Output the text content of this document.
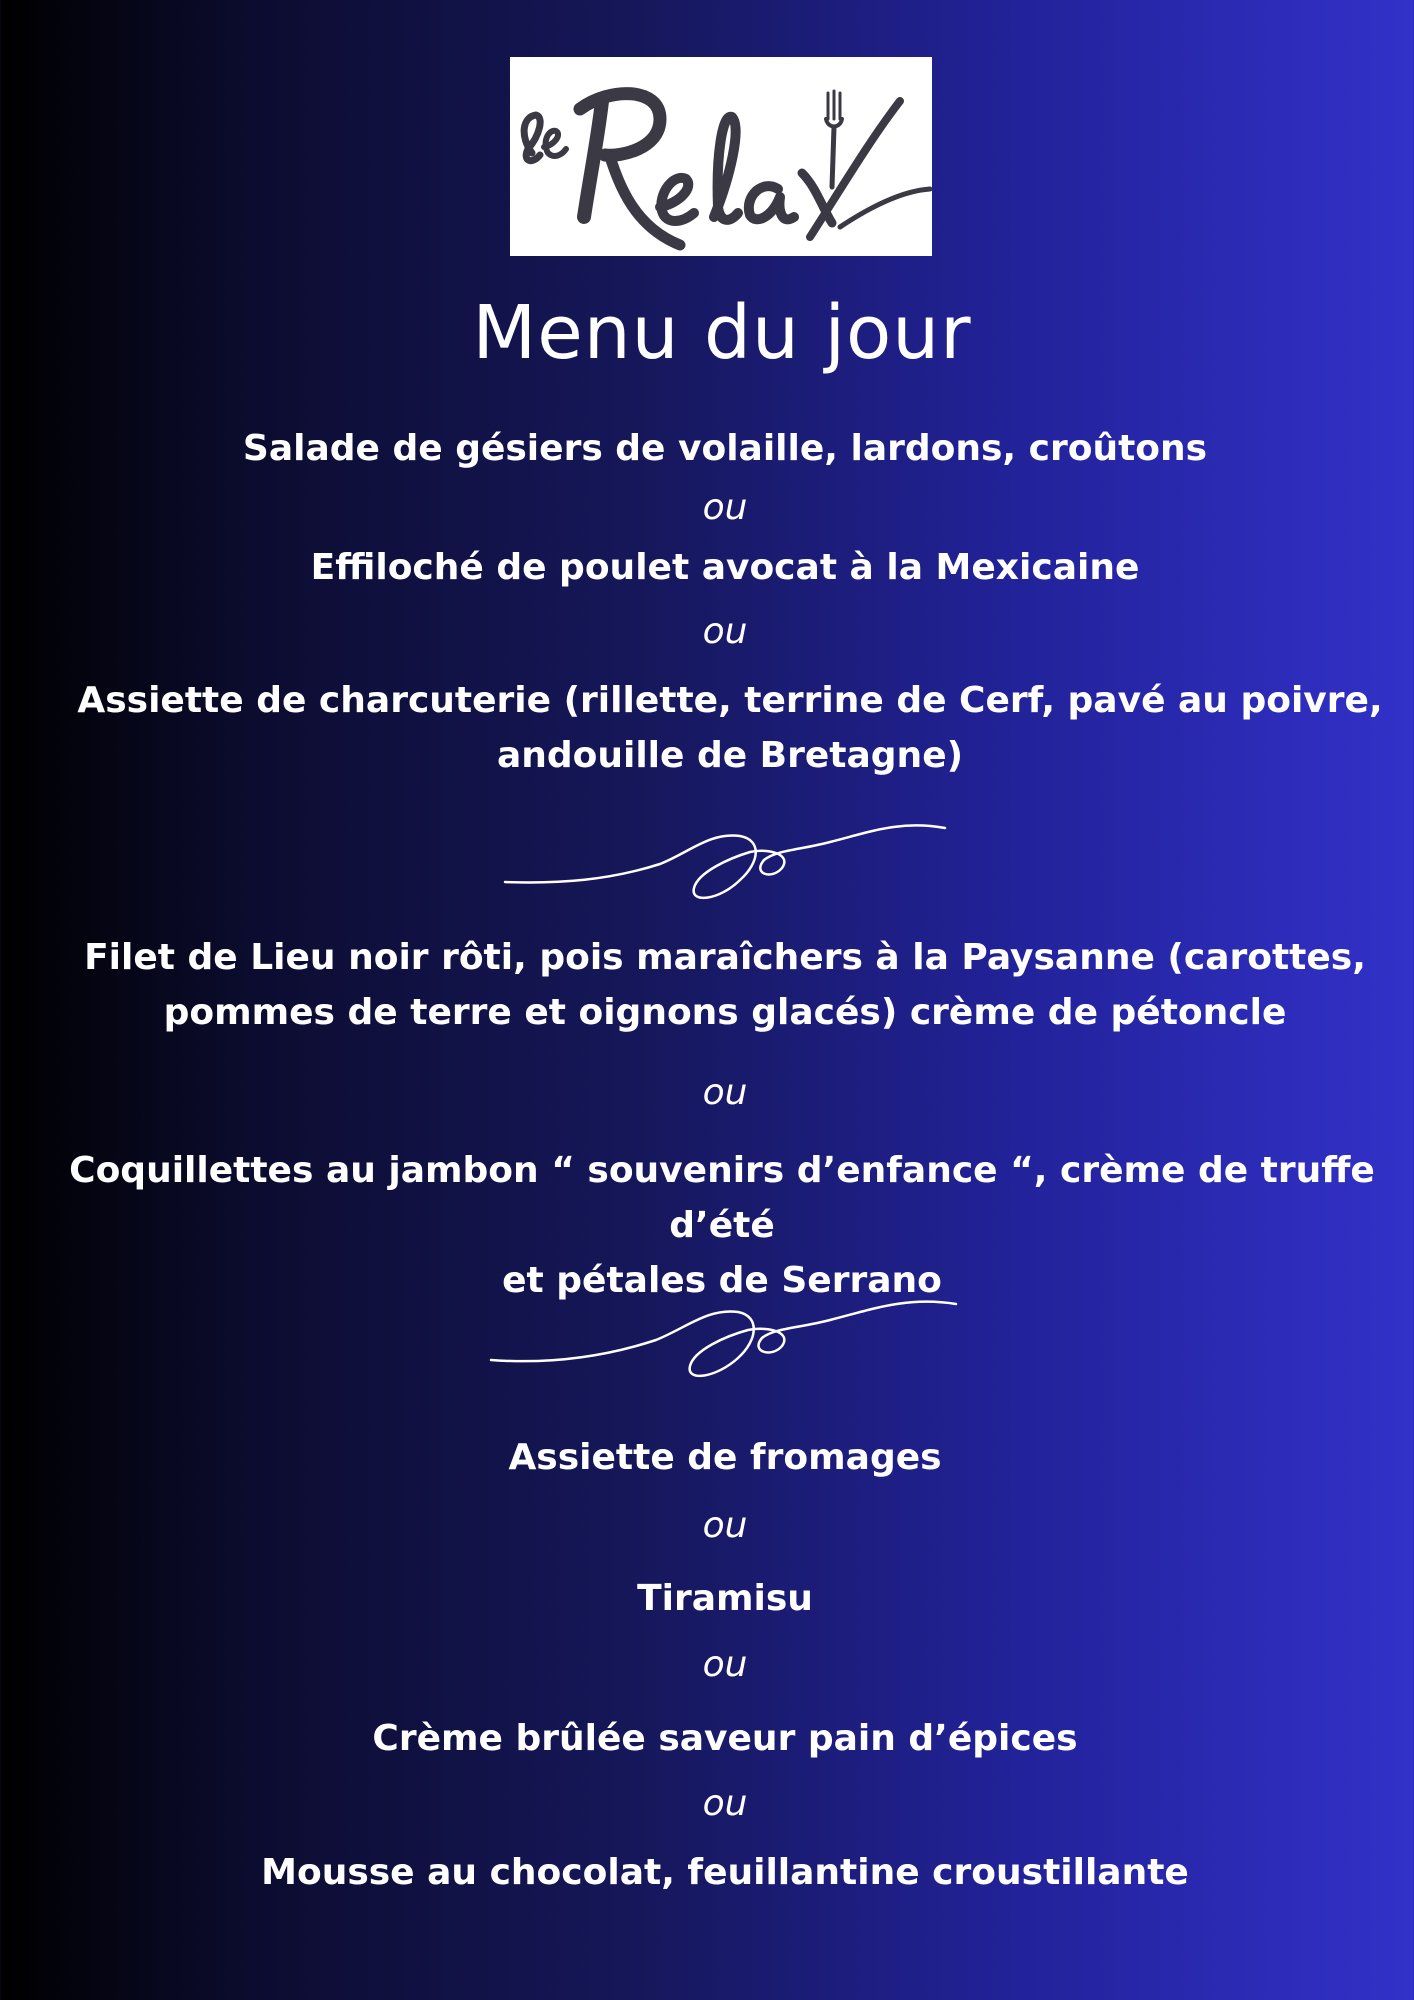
Menu du jour
Salade de gésiers de volaille, lardons, croûtons
ou
Effiloché de poulet avocat à la Mexicaine
ou
Assiette de charcuterie (rillette, terrine de Cerf, pavé au poivre,
andouille de Bretagne)
Filet de Lieu noir rôti, pois maraîchers à la Paysanne (carottes,
pommes de terre et oignons glacés) crème de pétoncle
ou
Coquillettes au jambon “ souvenirs d’enfance “, crème de truffe d’été
et pétales de Serrano
Assiette de fromages
ou
Tiramisu
ou
Crème brûlée saveur pain d’épices
ou
Mousse au chocolat, feuillantine croustillante
